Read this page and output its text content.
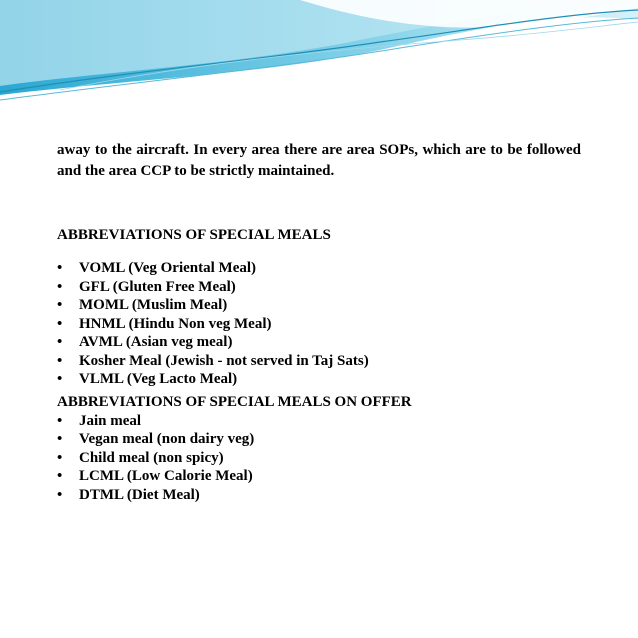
away to the aircraft. In every area there are area SOPs, which are to be followed and the area CCP to be strictly maintained.

ABBREVIATIONS OF SPECIAL MEALS

• VOML (Veg Oriental Meal)
• GFL (Gluten Free Meal)
• MOML (Muslim Meal)
• HNML (Hindu Non veg Meal)
• AVML (Asian veg meal)
• Kosher Meal (Jewish - not served in Taj Sats)
• VLML (Veg Lacto Meal)

ABBREVIATIONS OF SPECIAL MEALS ON OFFER

• Jain meal
• Vegan meal (non dairy veg)
• Child meal (non spicy)
• LCML (Low Calorie Meal)
• DTML (Diet Meal)
